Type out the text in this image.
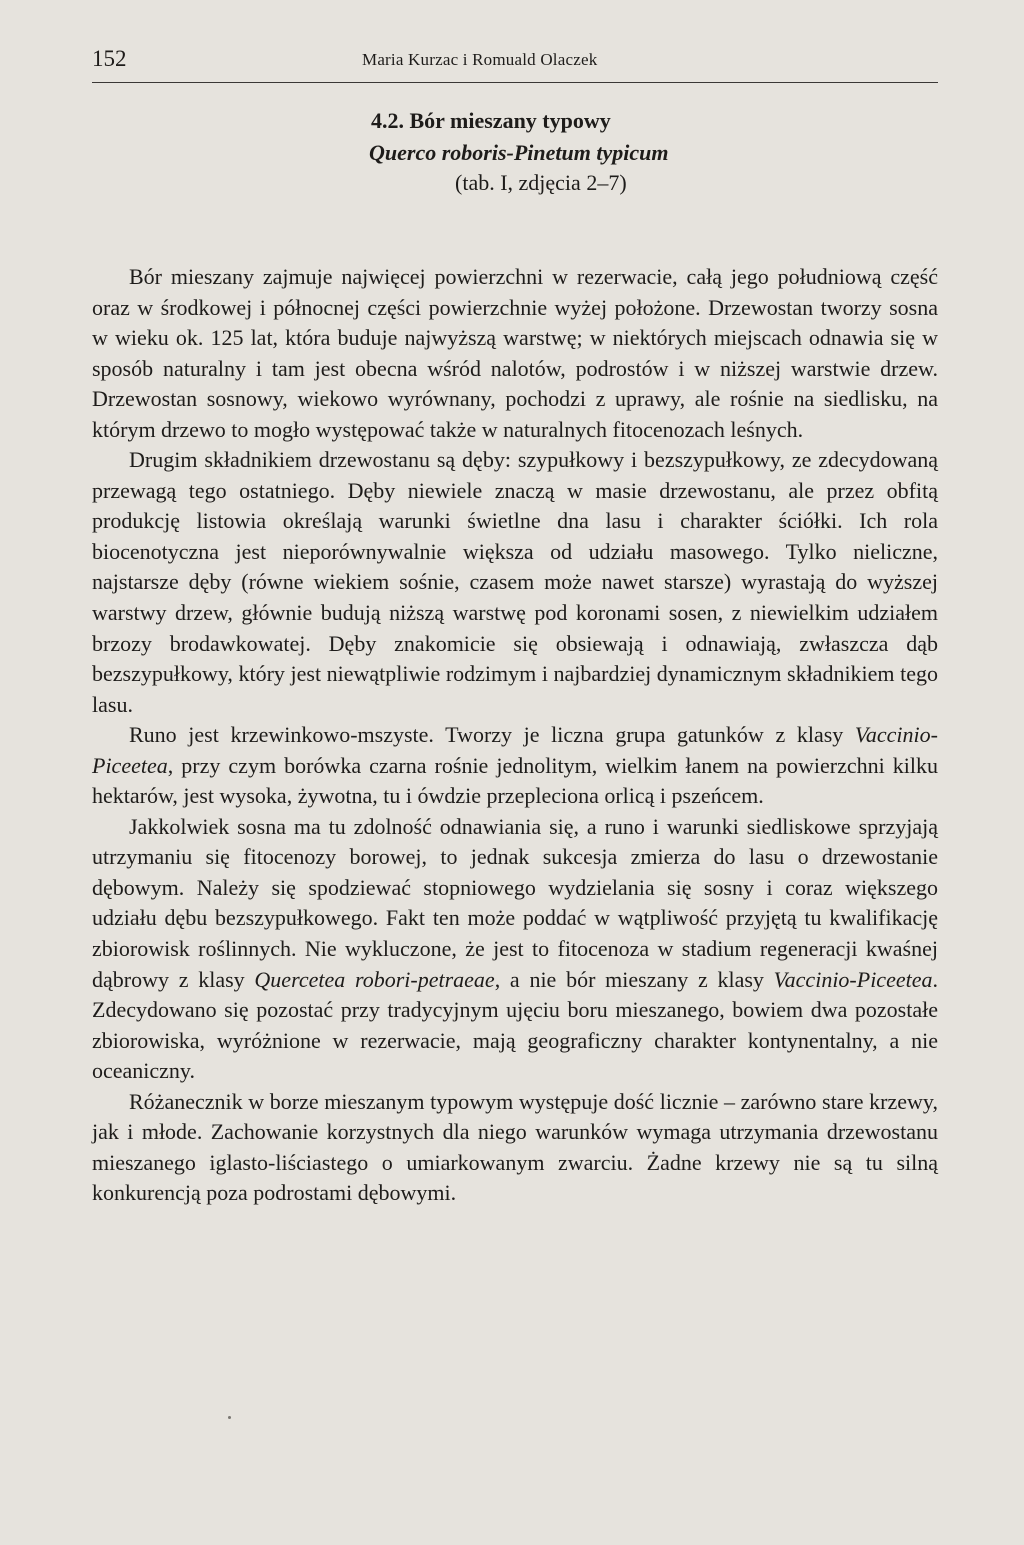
152	Maria Kurzac i Romuald Olaczek
4.2. Bór mieszany typowy
Querco roboris-Pinetum typicum
(tab. I, zdjęcia 2–7)

Bór mieszany zajmuje najwięcej powierzchni w rezerwacie, całą jego południową część oraz w środkowej i północnej części powierzchnie wyżej położone. Drzewostan tworzy sosna w wieku ok. 125 lat, która buduje najwyższą warstwę; w niektórych miejscach odnawia się w sposób naturalny i tam jest obecna wśród nalotów, podrostów i w niższej warstwie drzew. Drzewostan sosnowy, wiekowo wyrównany, pochodzi z uprawy, ale rośnie na siedlisku, na którym drzewo to mogło występować także w naturalnych fitocenozach leśnych.

Drugim składnikiem drzewostanu są dęby: szypułkowy i bezszypułkowy, ze zdecydowaną przewagą tego ostatniego. Dęby niewiele znaczą w masie drzewostanu, ale przez obfitą produkcję listowia określają warunki świetlne dna lasu i charakter ściółki. Ich rola biocenotyczna jest nieporównywalnie większa od udziału masowego. Tylko nieliczne, najstarsze dęby (równe wiekiem sośnie, czasem może nawet starsze) wyrastają do wyższej warstwy drzew, głównie budują niższą warstwę pod koronami sosen, z niewielkim udziałem brzozy brodawkowatej. Dęby znakomicie się obsiewają i odnawiają, zwłaszcza dąb bezszypułkowy, który jest niewątpliwie rodzimym i najbardziej dynamicznym składnikiem tego lasu.

Runo jest krzewinkowo-mszyste. Tworzy je liczna grupa gatunków z klasy Vaccinio-Piceetea, przy czym borówka czarna rośnie jednolitym, wielkim łanem na powierzchni kilku hektarów, jest wysoka, żywotna, tu i ówdzie przepleciona orlicą i pszeńcem.

Jakkolwiek sosna ma tu zdolność odnawiania się, a runo i warunki siedliskowe sprzyjają utrzymaniu się fitocenozy borowej, to jednak sukcesja zmierza do lasu o drzewostanie dębowym. Należy się spodziewać stopniowego wydzielania się sosny i coraz większego udziału dębu bezszypułkowego. Fakt ten może poddać w wątpliwość przyjętą tu kwalifikację zbiorowisk roślinnych. Nie wykluczone, że jest to fitocenoza w stadium regeneracji kwaśnej dąbrowy z klasy Quercetea robori-petraeae, a nie bór mieszany z klasy Vaccinio-Piceetea. Zdecydowano się pozostać przy tradycyjnym ujęciu boru mieszanego, bowiem dwa pozostałe zbiorowiska, wyróżnione w rezerwacie, mają geograficzny charakter kontynentalny, a nie oceaniczny.

Różanecznik w borze mieszanym typowym występuje dość licznie – zarówno stare krzewy, jak i młode. Zachowanie korzystnych dla niego warunków wymaga utrzymania drzewostanu mieszanego iglasto-liściastego o umiarkowanym zwarciu. Żadne krzewy nie są tu silną konkurencją poza podrostami dębowymi.
